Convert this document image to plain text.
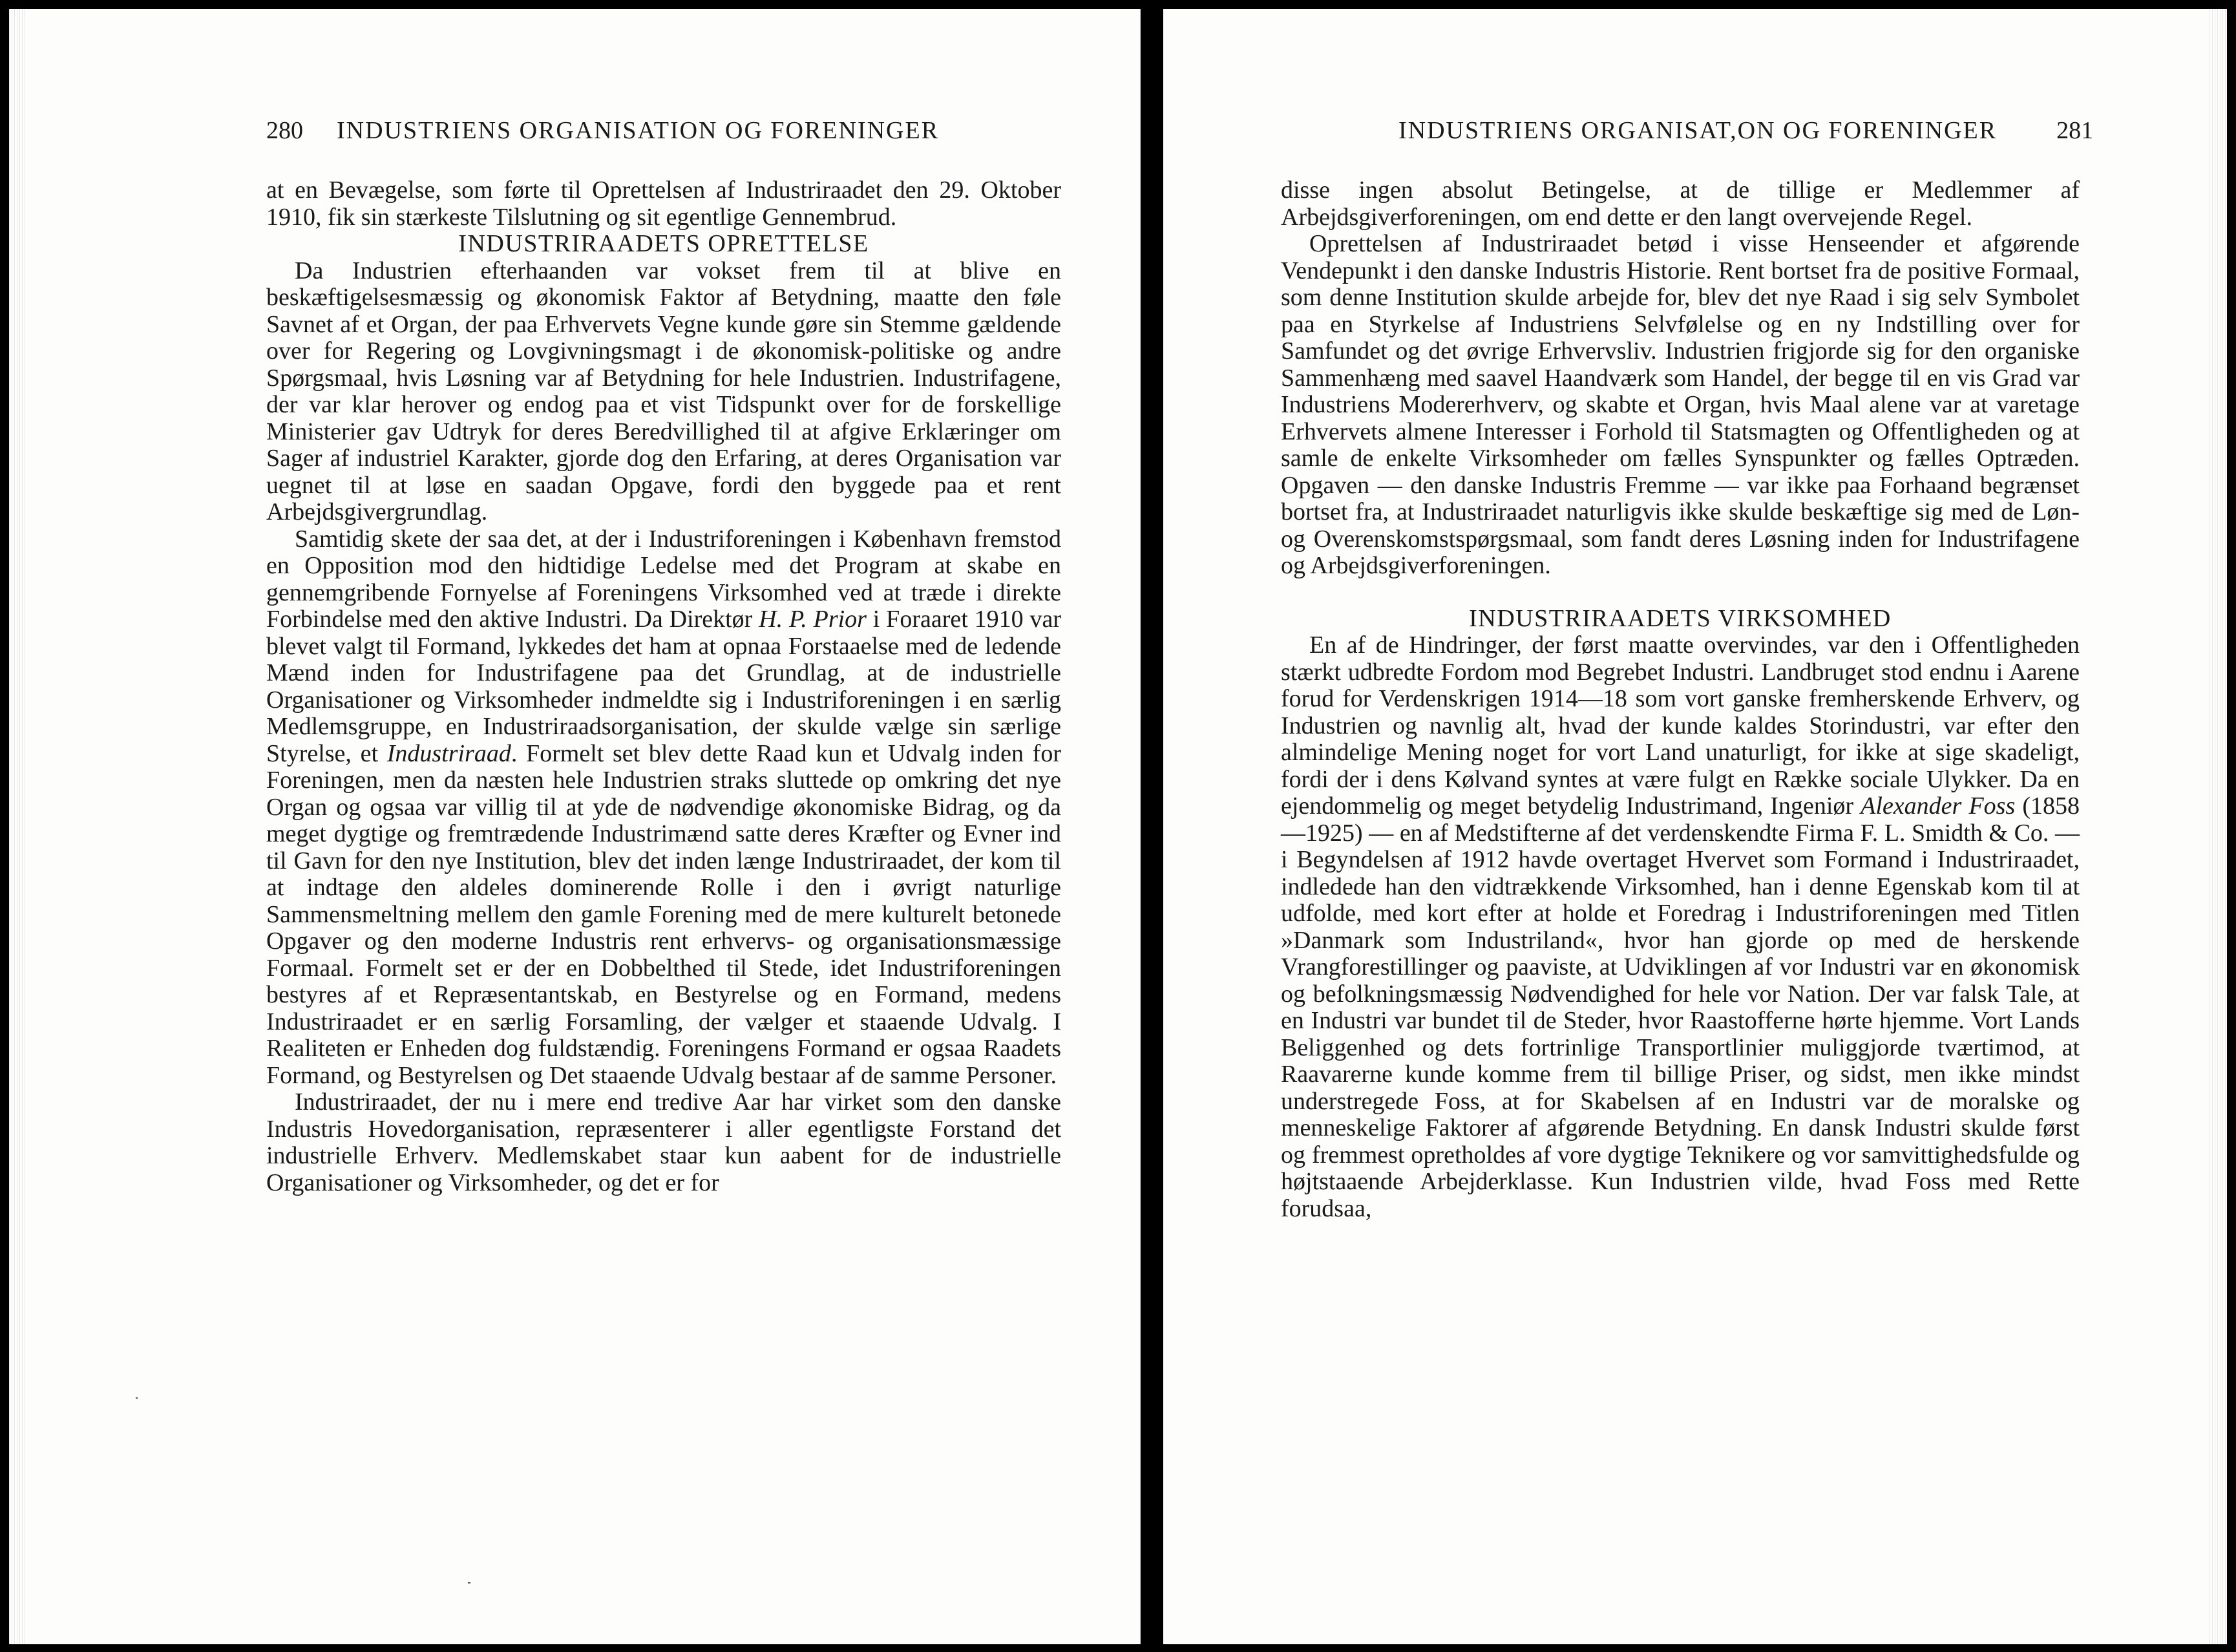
280 INDUSTRIENS ORGANISATION OG FORENINGER

at en Bevægelse, som førte til Oprettelsen af Industriraadet den 29. Oktober 1910, fik sin stærkeste Tilslutning og sit egentlige Gennembrud.

INDUSTRIRAADETS OPRETTELSE

Da Industrien efterhaanden var vokset frem til at blive en beskæftigelsesmæssig og økonomisk Faktor af Betydning, maatte den føle Savnet af et Organ, der paa Erhvervets Vegne kunde gøre sin Stemme gældende over for Regering og Lovgivningsmagt i de økonomisk-politiske og andre Spørgsmaal, hvis Løsning var af Betydning for hele Industrien. Industrifagene, der var klar herover og endog paa et vist Tidspunkt over for de forskellige Ministerier gav Udtryk for deres Beredvillighed til at afgive Erklæringer om Sager af industriel Karakter, gjorde dog den Erfaring, at deres Organisation var uegnet til at løse en saadan Opgave, fordi den byggede paa et rent Arbejdsgivergrundlag.

Samtidig skete der saa det, at der i Industriforeningen i København fremstod en Opposition mod den hidtidige Ledelse med det Program at skabe en gennemgribende Fornyelse af Foreningens Virksomhed ved at træde i direkte Forbindelse med den aktive Industri. Da Direktør H. P. Prior i Foraaret 1910 var blevet valgt til Formand, lykkedes det ham at opnaa Forstaaelse med de ledende Mænd inden for Industrifagene paa det Grundlag, at de industrielle Organisationer og Virksomheder indmeldte sig i Industriforeningen i en særlig Medlemsgruppe, en Industriraadsorganisation, der skulde vælge sin særlige Styrelse, et Industriraad. Formelt set blev dette Raad kun et Udvalg inden for Foreningen, men da næsten hele Industrien straks sluttede op omkring det nye Organ og ogsaa var villig til at yde de nødvendige økonomiske Bidrag, og da meget dygtige og fremtrædende Industrimænd satte deres Kræfter og Evner ind til Gavn for den nye Institution, blev det inden længe Industriraadet, der kom til at indtage den aldeles dominerende Rolle i den i øvrigt naturlige Sammensmeltning mellem den gamle Forening med de mere kulturelt betonede Opgaver og den moderne Industris rent erhvervs- og organisationsmæssige Formaal. Formelt set er der en Dobbelthed til Stede, idet Industriforeningen bestyres af et Repræsentantskab, en Bestyrelse og en Formand, medens Industriraadet er en særlig Forsamling, der vælger et staaende Udvalg. I Realiteten er Enheden dog fuldstændig. Foreningens Formand er ogsaa Raadets Formand, og Bestyrelsen og Det staaende Udvalg bestaar af de samme Personer.

Industriraadet, der nu i mere end tredive Aar har virket som den danske Industris Hovedorganisation, repræsenterer i aller egentligste Forstand det industrielle Erhverv. Medlemskabet staar kun aabent for de industrielle Organisationer og Virksomheder, og det er for

INDUSTRIENS ORGANISAT,ON OG FORENINGER 281

disse ingen absolut Betingelse, at de tillige er Medlemmer af Arbejdsgiverforeningen, om end dette er den langt overvejende Regel.

Oprettelsen af Industriraadet betød i visse Henseender et afgørende Vendepunkt i den danske Industris Historie. Rent bortset fra de positive Formaal, som denne Institution skulde arbejde for, blev det nye Raad i sig selv Symbolet paa en Styrkelse af Industriens Selvfølelse og en ny Indstilling over for Samfundet og det øvrige Erhvervsliv. Industrien frigjorde sig for den organiske Sammenhæng med saavel Haandværk som Handel, der begge til en vis Grad var Industriens Modererhverv, og skabte et Organ, hvis Maal alene var at varetage Erhvervets almene Interesser i Forhold til Statsmagten og Offentligheden og at samle de enkelte Virksomheder om fælles Synspunkter og fælles Optræden. Opgaven — den danske Industris Fremme — var ikke paa Forhaand begrænset bortset fra, at Industriraadet naturligvis ikke skulde beskæftige sig med de Løn- og Overenskomstspørgsmaal, som fandt deres Løsning inden for Industrifagene og Arbejdsgiverforeningen.

INDUSTRIRAADETS VIRKSOMHED

En af de Hindringer, der først maatte overvindes, var den i Offentligheden stærkt udbredte Fordom mod Begrebet Industri. Landbruget stod endnu i Aarene forud for Verdenskrigen 1914—18 som vort ganske fremherskende Erhverv, og Industrien og navnlig alt, hvad der kunde kaldes Storindustri, var efter den almindelige Mening noget for vort Land unaturligt, for ikke at sige skadeligt, fordi der i dens Kølvand syntes at være fulgt en Række sociale Ulykker. Da en ejendommelig og meget betydelig Industrimand, Ingeniør Alexander Foss (1858—1925) — en af Medstifterne af det verdenskendte Firma F. L. Smidth & Co. — i Begyndelsen af 1912 havde overtaget Hvervet som Formand i Industriraadet, indledede han den vidtrækkende Virksomhed, han i denne Egenskab kom til at udfolde, med kort efter at holde et Foredrag i Industriforeningen med Titlen »Danmark som Industriland«, hvor han gjorde op med de herskende Vrangforestillinger og paaviste, at Udviklingen af vor Industri var en økonomisk og befolkningsmæssig Nødvendighed for hele vor Nation. Der var falsk Tale, at en Industri var bundet til de Steder, hvor Raastofferne hørte hjemme. Vort Lands Beliggenhed og dets fortrinlige Transportlinier muliggjorde tværtimod, at Raavarerne kunde komme frem til billige Priser, og sidst, men ikke mindst understregede Foss, at for Skabelsen af en Industri var de moralske og menneskelige Faktorer af afgørende Betydning. En dansk Industri skulde først og fremmest opretholdes af vore dygtige Teknikere og vor samvittighedsfulde og højtstaaende Arbejderklasse. Kun Industrien vilde, hvad Foss med Rette forudsaa,
